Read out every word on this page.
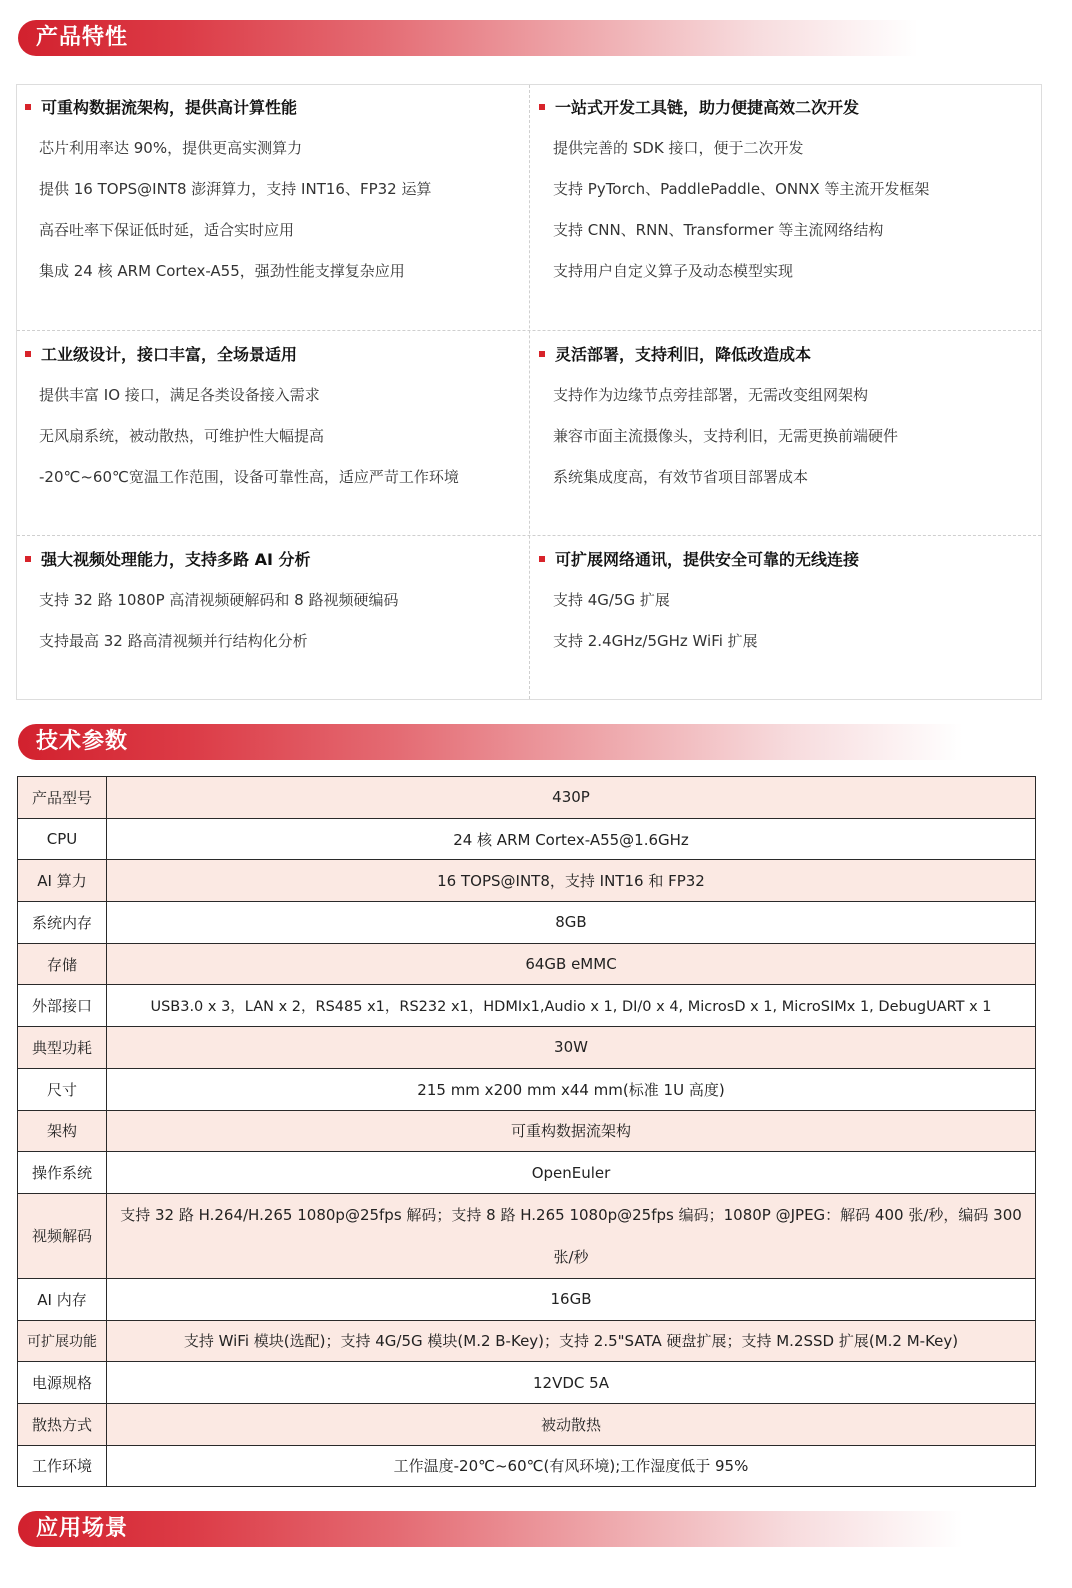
产品特性
可重构数据流架构，提供高计算性能
芯片利用率达 90%，提供更高实测算力
提供 16 TOPS@INT8 澎湃算力，支持 INT16、FP32 运算
高吞吐率下保证低时延，适合实时应用
集成 24 核 ARM Cortex-A55，强劲性能支撑复杂应用
一站式开发工具链，助力便捷高效二次开发
提供完善的 SDK 接口，便于二次开发
支持 PyTorch、PaddlePaddle、ONNX 等主流开发框架
支持 CNN、RNN、Transformer 等主流网络结构
支持用户自定义算子及动态模型实现
工业级设计，接口丰富，全场景适用
提供丰富 IO 接口，满足各类设备接入需求
无风扇系统，被动散热，可维护性大幅提高
-20℃~60℃宽温工作范围，设备可靠性高，适应严苛工作环境
灵活部署，支持利旧，降低改造成本
支持作为边缘节点旁挂部署，无需改变组网架构
兼容市面主流摄像头，支持利旧，无需更换前端硬件
系统集成度高，有效节省项目部署成本
强大视频处理能力，支持多路 AI 分析
支持 32 路 1080P 高清视频硬解码和 8 路视频硬编码
支持最高 32 路高清视频并行结构化分析
可扩展网络通讯，提供安全可靠的无线连接
支持 4G/5G 扩展
支持 2.4GHz/5GHz WiFi 扩展
技术参数
产品型号	430P
CPU	24 核 ARM Cortex-A55@1.6GHz
AI 算力	16 TOPS@INT8，支持 INT16 和 FP32
系统内存	8GB
存储	64GB eMMC
外部接口	USB3.0 x 3，LAN x 2，RS485 x1，RS232 x1，HDMIx1,Audio x 1, DI/0 x 4, MicrosD x 1, MicroSIMx 1, DebugUART x 1
典型功耗	30W
尺寸	215 mm x200 mm x44 mm(标准 1U 高度)
架构	可重构数据流架构
操作系统	OpenEuler
视频解码	支持 32 路 H.264/H.265 1080p@25fps 解码；支持 8 路 H.265 1080p@25fps 编码；1080P @JPEG：解码 400 张/秒，编码 300 张/秒
AI 内存	16GB
可扩展功能	支持 WiFi 模块(选配)；支持 4G/5G 模块(M.2 B-Key)；支持 2.5"SATA 硬盘扩展；支持 M.2SSD 扩展(M.2 M-Key)
电源规格	12VDC 5A
散热方式	被动散热
工作环境	工作温度-20℃~60℃(有风环境);工作湿度低于 95%
应用场景
